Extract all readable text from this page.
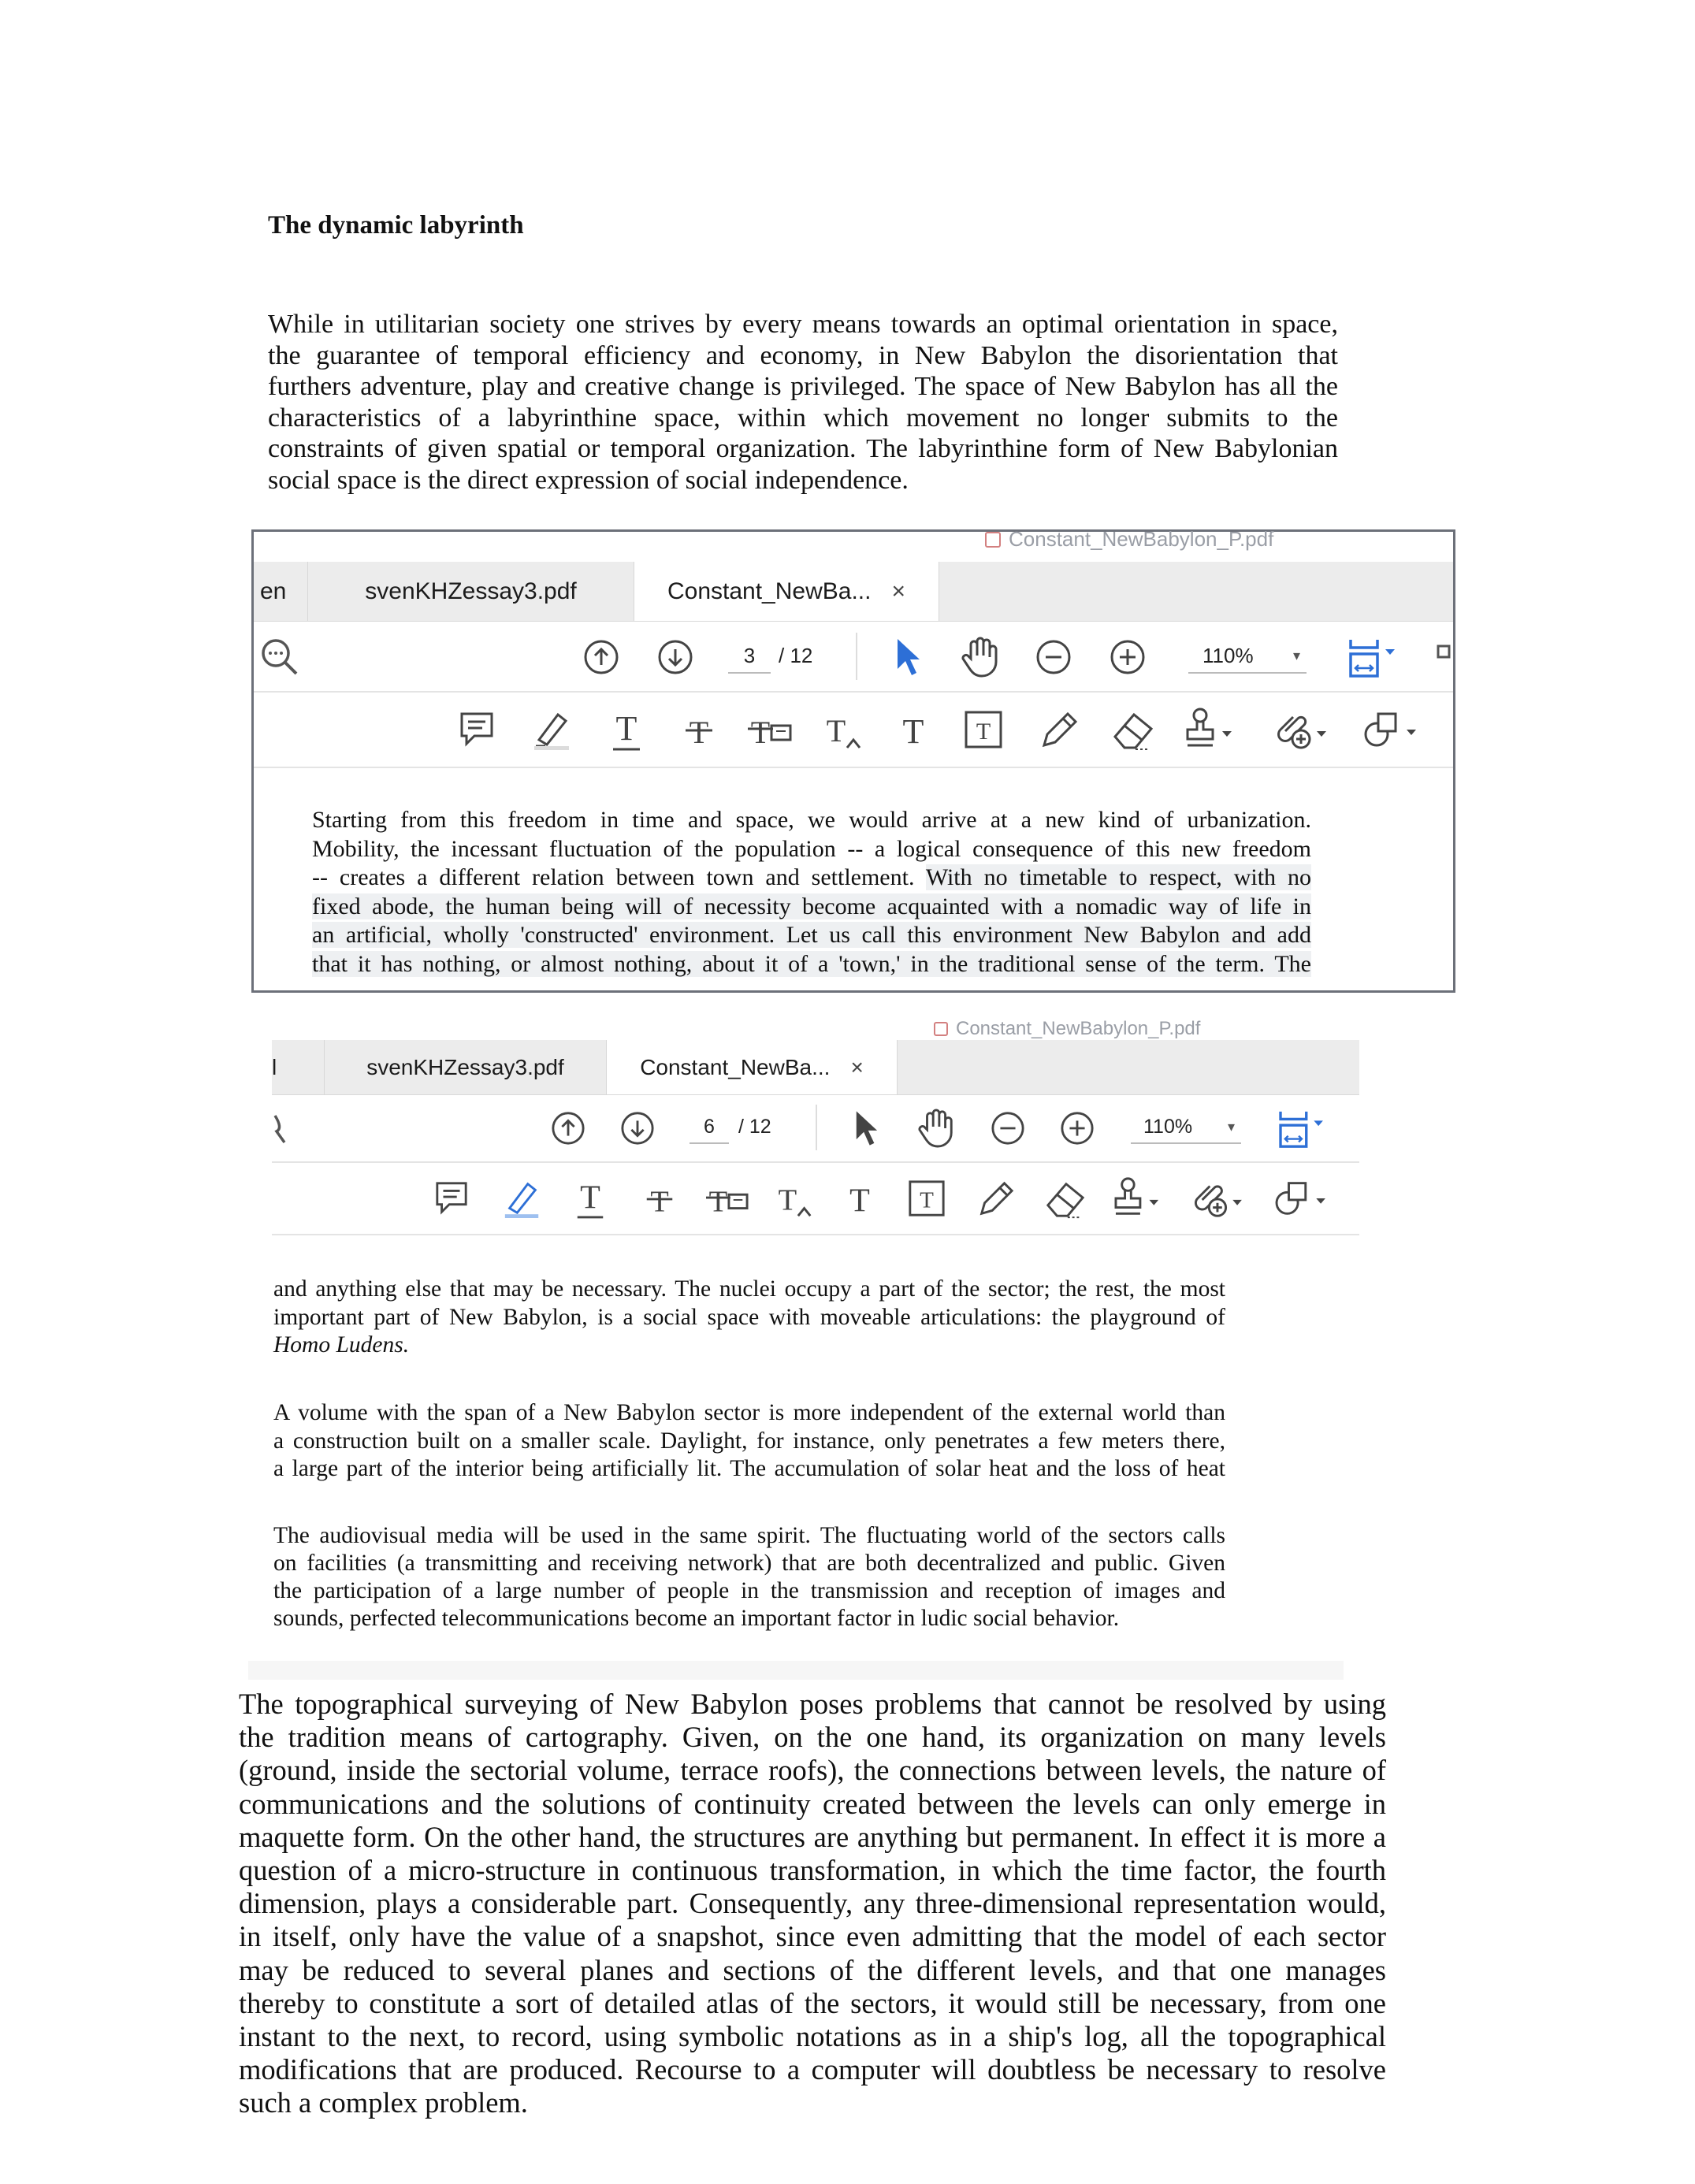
The dynamic labyrinth
While in utilitarian society one strives by every means towards an optimal orientation in space,
the guarantee of temporal efficiency and economy, in New Babylon the disorientation that
furthers adventure, play and creative change is privileged. The space of New Babylon has all the
characteristics of a labyrinthine space, within which movement no longer submits to the
constraints of given spatial or temporal organization. The labyrinthine form of New Babylonian
social space is the direct expression of social independence.
Constant_NewBabylon_P.pdf
en	svenKHZessay3.pdf	Constant_NewBa... ×
3	/ 12	110%	▾
T T T T T T
Starting from this freedom in time and space, we would arrive at a new kind of urbanization.
Mobility, the incessant fluctuation of the population -- a logical consequence of this new freedom
-- creates a different relation between town and settlement. With no timetable to respect, with no
fixed abode, the human being will of necessity become acquainted with a nomadic way of life in
an artificial, wholly 'constructed' environment. Let us call this environment New Babylon and add
that it has nothing, or almost nothing, about it of a 'town,' in the traditional sense of the term. The
Constant_NewBabylon_P.pdf
l	svenKHZessay3.pdf	Constant_NewBa... ×
6	/ 12	110% ▾
T T T T T T
and anything else that may be necessary. The nuclei occupy a part of the sector; the rest, the most
important part of New Babylon, is a social space with moveable articulations: the playground of
Homo Ludens.
A volume with the span of a New Babylon sector is more independent of the external world than
a construction built on a smaller scale. Daylight, for instance, only penetrates a few meters there,
a large part of the interior being artificially lit. The accumulation of solar heat and the loss of heat
The audiovisual media will be used in the same spirit. The fluctuating world of the sectors calls
on facilities (a transmitting and receiving network) that are both decentralized and public. Given
the participation of a large number of people in the transmission and reception of images and
sounds, perfected telecommunications become an important factor in ludic social behavior.
The topographical surveying of New Babylon poses problems that cannot be resolved by using
the tradition means of cartography. Given, on the one hand, its organization on many levels
(ground, inside the sectorial volume, terrace roofs), the connections between levels, the nature of
communications and the solutions of continuity created between the levels can only emerge in
maquette form. On the other hand, the structures are anything but permanent. In effect it is more a
question of a micro-structure in continuous transformation, in which the time factor, the fourth
dimension, plays a considerable part. Consequently, any three-dimensional representation would,
in itself, only have the value of a snapshot, since even admitting that the model of each sector
may be reduced to several planes and sections of the different levels, and that one manages
thereby to constitute a sort of detailed atlas of the sectors, it would still be necessary, from one
instant to the next, to record, using symbolic notations as in a ship's log, all the topographical
modifications that are produced. Recourse to a computer will doubtless be necessary to resolve
such a complex problem.
